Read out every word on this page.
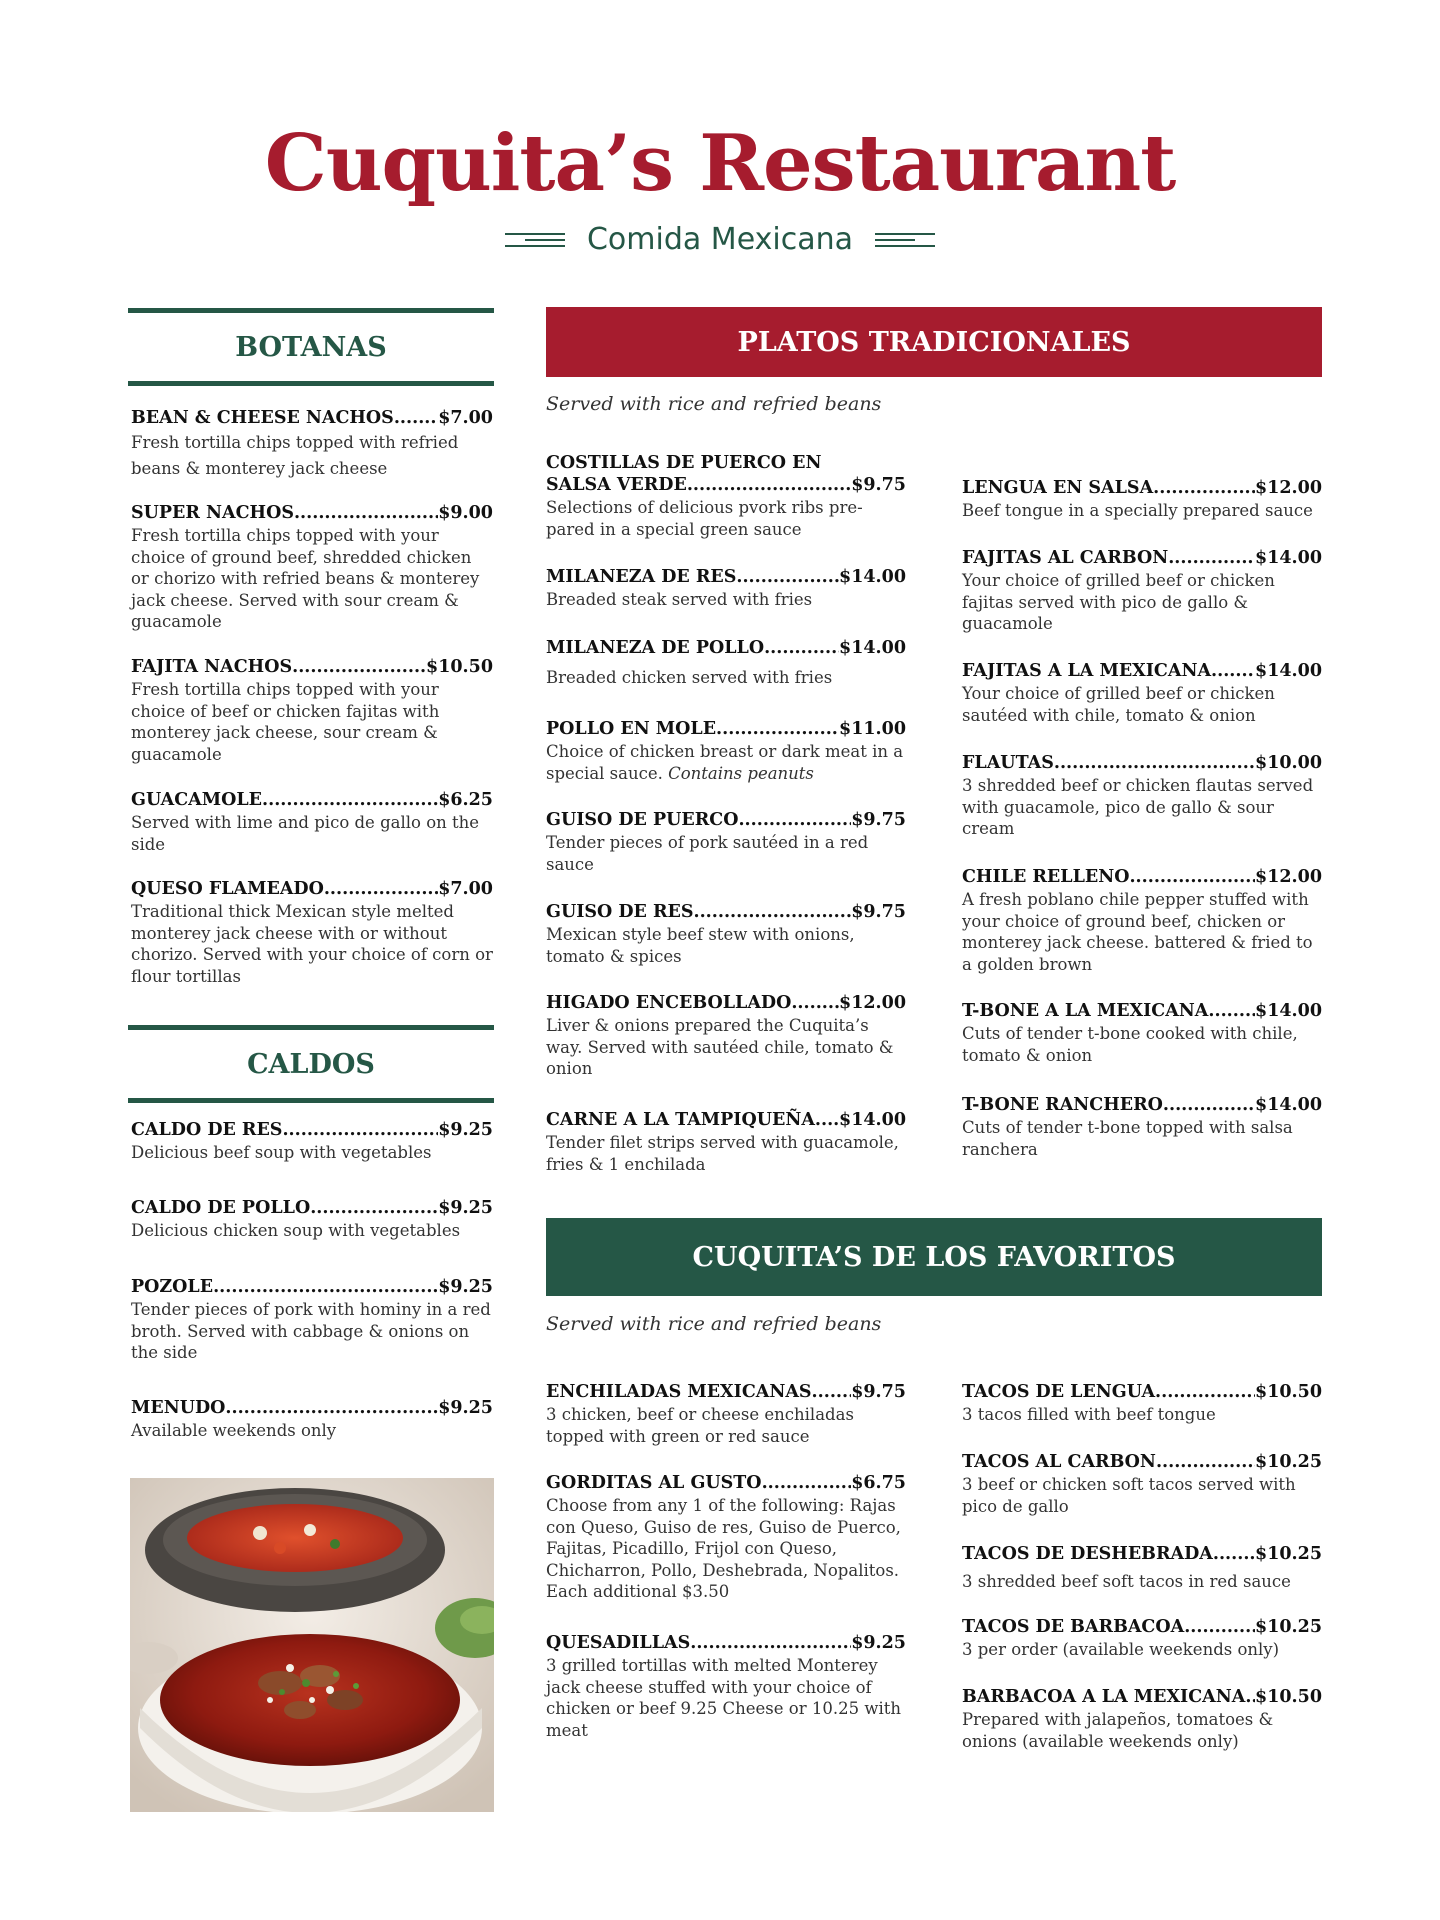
Cuquita’s Restaurant
Comida Mexicana
BOTANAS
BEAN & CHEESE NACHOS .....	$7.00
Fresh tortilla chips topped with refried beans & monterey jack cheese
SUPER NACHOS .....	$9.00
Fresh tortilla chips topped with your choice of ground beef, shredded chicken or chorizo with refried beans & monterey jack cheese. Served with sour cream & guacamole
FAJITA NACHOS .....	$10.50
Fresh tortilla chips topped with your choice of beef or chicken fajitas with monterey jack cheese, sour cream & guacamole
GUACAMOLE .....	$6.25
Served with lime and pico de gallo on the side
QUESO FLAMEADO .....	$7.00
Traditional thick Mexican style melted monterey jack cheese with or without chorizo. Served with your choice of corn or flour tortillas
CALDOS
CALDO DE RES .....	$9.25
Delicious beef soup with vegetables
CALDO DE POLLO .....	$9.25
Delicious chicken soup with vegetables
POZOLE .....	$9.25
Tender pieces of pork with hominy in a red broth. Served with cabbage & onions on the side
MENUDO .....	$9.25
Available weekends only
PLATOS TRADICIONALES
Served with rice and refried beans
COSTILLAS DE PUERCO EN
SALSA VERDE .....	$9.75
Selections of delicious pvork ribs pre-pared in a special green sauce
MILANEZA DE RES .....	$14.00
Breaded steak served with fries
MILANEZA DE POLLO .....	$14.00
Breaded chicken served with fries
POLLO EN MOLE .....	$11.00
Choice of chicken breast or dark meat in a special sauce. Contains peanuts
GUISO DE PUERCO .....	$9.75
Tender pieces of pork sautéed in a red sauce
GUISO DE RES .....	$9.75
Mexican style beef stew with onions, tomato & spices
HIGADO ENCEBOLLADO .....	$12.00
Liver & onions prepared the Cuquita’s way. Served with sautéed chile, tomato & onion
CARNE A LA TAMPIQUEÑA ..... $14.00
Tender filet strips served with guacamole, fries & 1 enchilada
LENGUA EN SALSA .....	$12.00
Beef tongue in a specially prepared sauce
FAJITAS AL CARBON .....	$14.00
Your choice of grilled beef or chicken fajitas served with pico de gallo & guacamole
FAJITAS A LA MEXICANA .....	$14.00
Your choice of grilled beef or chicken sautéed with chile, tomato & onion
FLAUTAS .....	$10.00
3 shredded beef or chicken flautas served with guacamole, pico de gallo & sour cream
CHILE RELLENO .....	$12.00
A fresh poblano chile pepper stuffed with your choice of ground beef, chicken or monterey jack cheese. battered & fried to a golden brown
T-BONE A LA MEXICANA .....	$14.00
Cuts of tender t-bone cooked with chile, tomato & onion
T-BONE RANCHERO .....	$14.00
Cuts of tender t-bone topped with salsa ranchera
CUQUITA’S DE LOS FAVORITOS
Served with rice and refried beans
ENCHILADAS MEXICANAS ..... $9.75
3 chicken, beef or cheese enchiladas topped with green or red sauce
GORDITAS AL GUSTO .....	$6.75
Choose from any 1 of the following: Rajas con Queso, Guiso de res, Guiso de Puerco, Fajitas, Picadillo, Frijol con Queso, Chicharron, Pollo, Deshebrada, Nopalitos. Each additional $3.50
QUESADILLAS .....	$9.25
3 grilled tortillas with melted Monterey jack cheese stuffed with your choice of chicken or beef 9.25 Cheese or 10.25 with meat
TACOS DE LENGUA .....	$10.50
3 tacos filled with beef tongue
TACOS AL CARBON .....	$10.25
3 beef or chicken soft tacos served with pico de gallo
TACOS DE DESHEBRADA ..... $10.25
3 shredded beef soft tacos in red sauce
TACOS DE BARBACOA .....	$10.25
3 per order (available weekends only)
BARBACOA A LA MEXICANA ..... $10.50
Prepared with jalapeños, tomatoes & onions (available weekends only)
